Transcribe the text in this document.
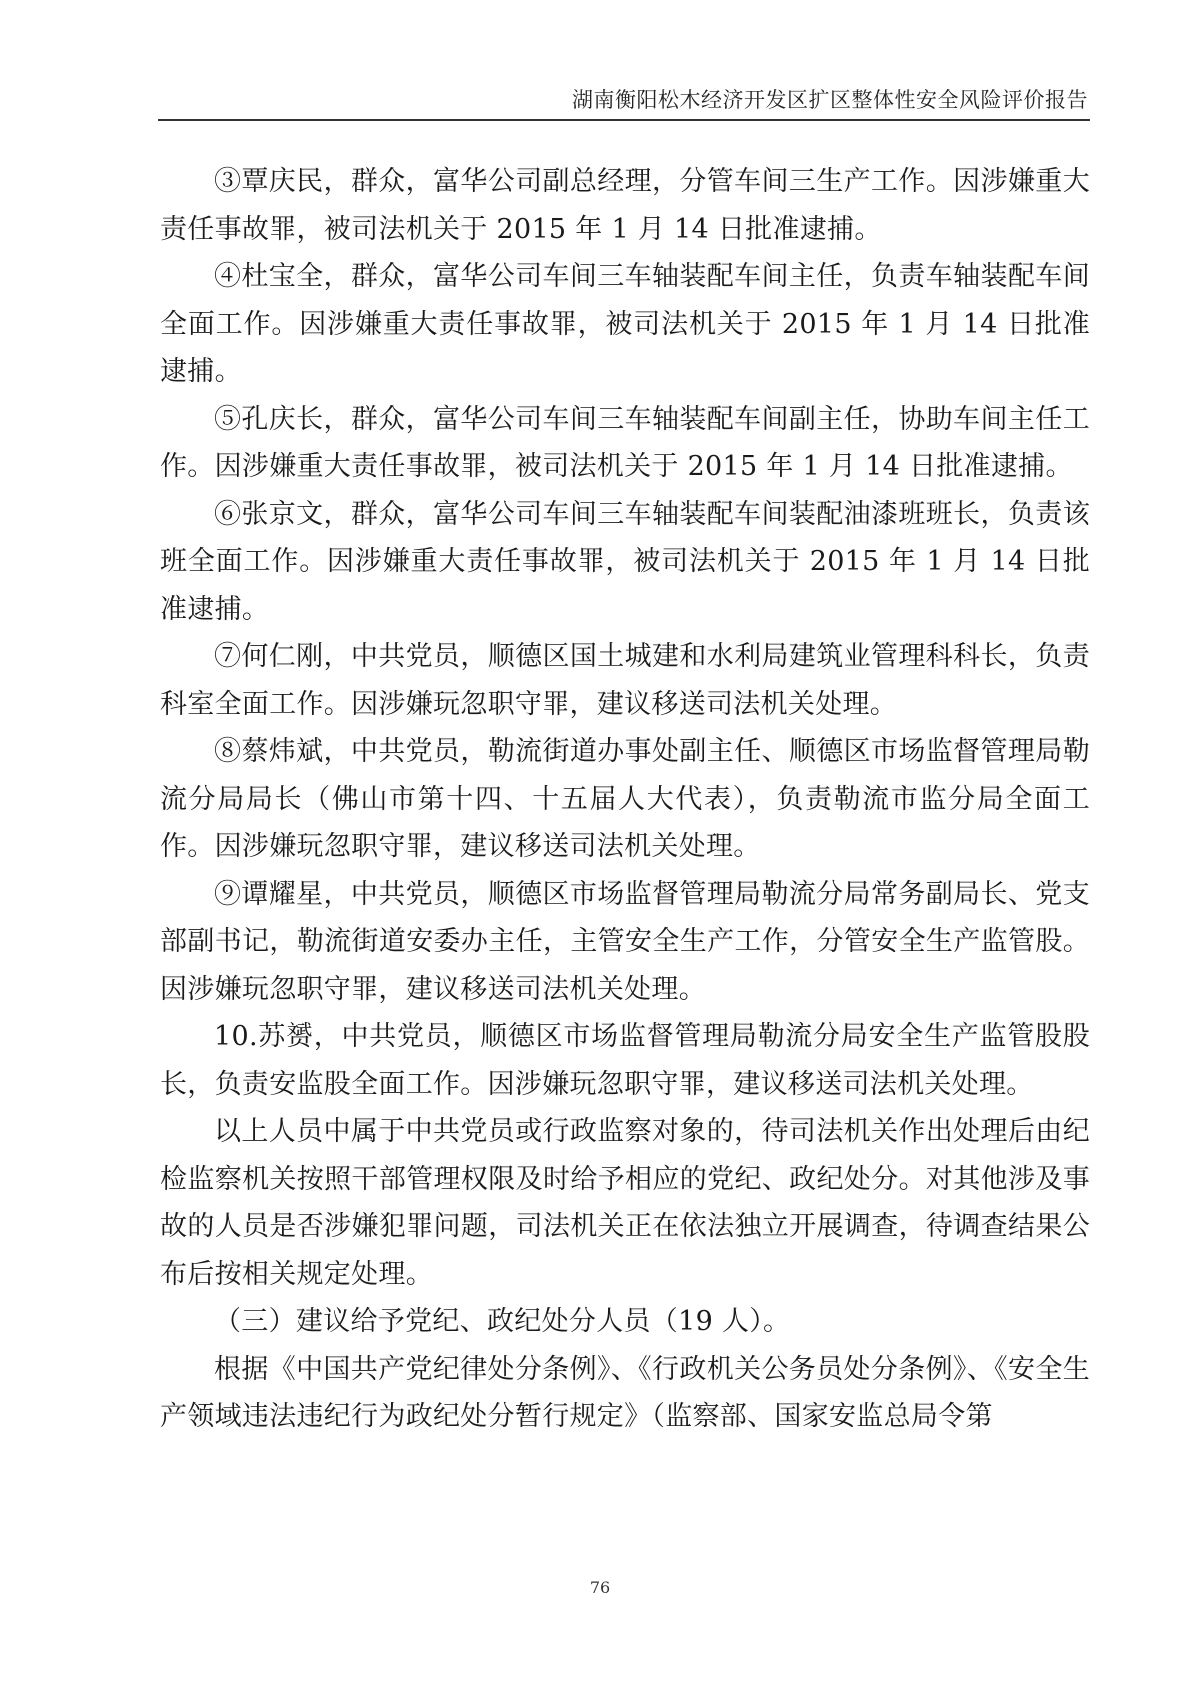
湖南衡阳松木经济开发区扩区整体性安全风险评价报告

③覃庆民，群众，富华公司副总经理，分管车间三生产工作。因涉嫌重大责任事故罪，被司法机关于 2015 年 1 月 14 日批准逮捕。

④杜宝全，群众，富华公司车间三车轴装配车间主任，负责车轴装配车间全面工作。因涉嫌重大责任事故罪，被司法机关于 2015 年 1 月 14 日批准逮捕。

⑤孔庆长，群众，富华公司车间三车轴装配车间副主任，协助车间主任工作。因涉嫌重大责任事故罪，被司法机关于 2015 年 1 月 14 日批准逮捕。

⑥张京文，群众，富华公司车间三车轴装配车间装配油漆班班长，负责该班全面工作。因涉嫌重大责任事故罪，被司法机关于 2015 年 1 月 14 日批准逮捕。

⑦何仁刚，中共党员，顺德区国土城建和水利局建筑业管理科科长，负责科室全面工作。因涉嫌玩忽职守罪，建议移送司法机关处理。

⑧蔡炜斌，中共党员，勒流街道办事处副主任、顺德区市场监督管理局勒流分局局长（佛山市第十四、十五届人大代表），负责勒流市监分局全面工作。因涉嫌玩忽职守罪，建议移送司法机关处理。

⑨谭耀星，中共党员，顺德区市场监督管理局勒流分局常务副局长、党支部副书记，勒流街道安委办主任，主管安全生产工作，分管安全生产监管股。因涉嫌玩忽职守罪，建议移送司法机关处理。

10.苏赟，中共党员，顺德区市场监督管理局勒流分局安全生产监管股股长，负责安监股全面工作。因涉嫌玩忽职守罪，建议移送司法机关处理。

以上人员中属于中共党员或行政监察对象的，待司法机关作出处理后由纪检监察机关按照干部管理权限及时给予相应的党纪、政纪处分。对其他涉及事故的人员是否涉嫌犯罪问题，司法机关正在依法独立开展调查，待调查结果公布后按相关规定处理。

（三）建议给予党纪、政纪处分人员（19 人）。

根据《中国共产党纪律处分条例》、《行政机关公务员处分条例》、《安全生产领域违法违纪行为政纪处分暂行规定》（监察部、国家安监总局令第

76
